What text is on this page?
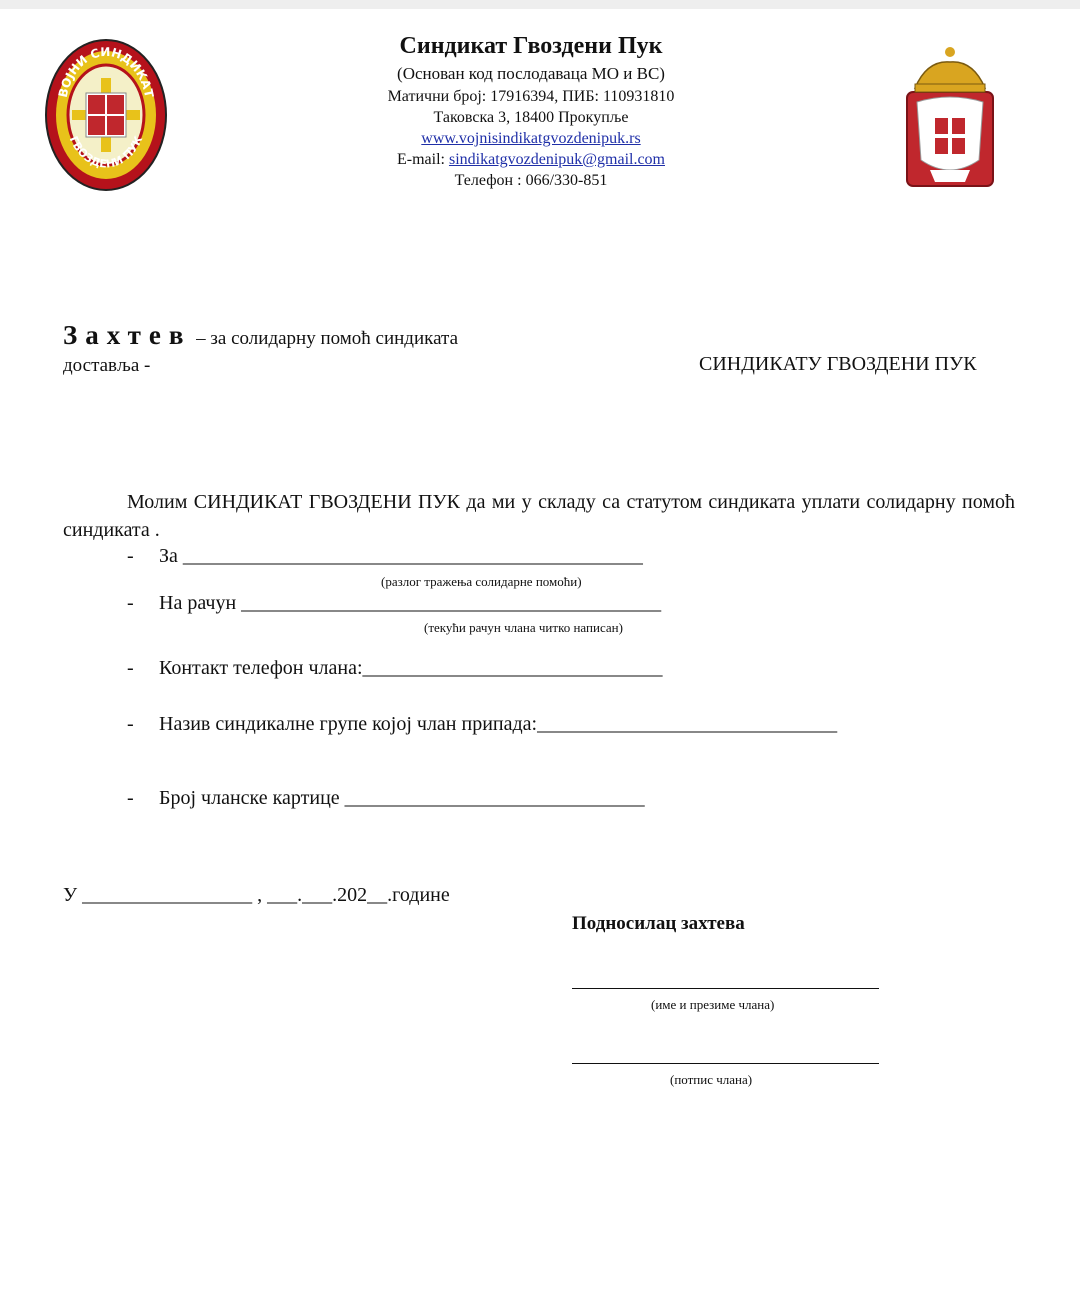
ВОЈНИ СИНДИКАТ
ГВОЗДЕНИ ПУК
Синдикат Гвоздени Пук
(Основан код послодаваца МО и ВС)
Матични број: 17916394, ПИБ: 110931810
Таковска 3, 18400 Прокупље
www.vojnisindikatgvozdenipuk.rs
E-mail: sindikatgvozdenipuk@gmail.com
Телефон : 066/330-851
Захтев – за солидарну помоћ синдиката
доставља -	СИНДИКАТУ ГВОЗДЕНИ ПУК
Молим СИНДИКАТ ГВОЗДЕНИ ПУК да ми у складу са статутом синдиката уплати солидарну помоћ синдиката .
- За ______________________________________________
(разлог тражења солидарне помоћи)
- На рачун __________________________________________
(текући рачун члана читко написан)
- Контакт телефон члана:______________________________
- Назив синдикалне групе којој члан припада:______________________________
- Број чланске картице ______________________________
У _________________ , ___.___.202__.године
Подносилац захтева
(име и презиме члана)
(потпис члана)
